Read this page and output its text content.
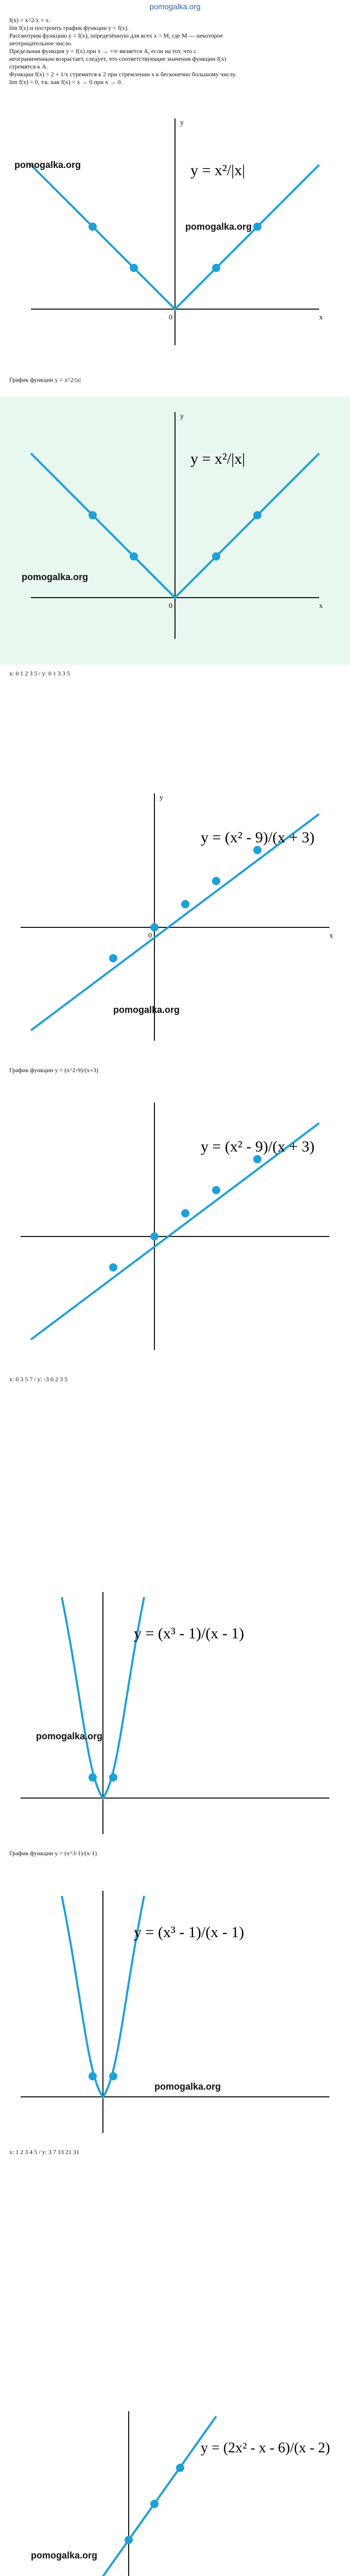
pomogalka.org
f(x) = x^2/x = x.
lim f(x) и построить график функции y = f(x).
Рассмотрим функцию y = f(x), определённую для всех x > M, где M — некоторое
неотрицательное число.
Предельная функция y = f(x) при x → +∞ является A, если на тот, что с
неограниченным возрастает, следует, что соответствующие значения функции f(x)
стремятся к A.
Функции f(x) = 2 + 1/x стремится к 2 при стремлении x к бесконечно большому числу.
lim f(x) = 0, т.к. как f(x) = x → 0 при x → 0.
y = x²/|x|
0	x
y
График функции y = x^2/|x|
y = x²/|x|
0	x
y
x: 0 1 2 3 5 / y: 0 1 3 3 5
y = (x² - 9)/(x + 3)
0	x
y
График функции y = (x^2-9)/(x+3)
y = (x² - 9)/(x + 3)
x: 0 3 5 7 / y: -3 0 2 3 5
y = (x³ - 1)/(x - 1)
График функции y = (x^3-1)/(x-1)
y = (x³ - 1)/(x - 1)
x: 1 2 3 4 5 / y: 3 7 13 21 31
y = (2x² - x - 6)/(x - 2)
pomogalka.org
pomogalka.org
pomogalka.org
pomogalka.org
pomogalka.org
pomogalka.org
pomogalka.org
